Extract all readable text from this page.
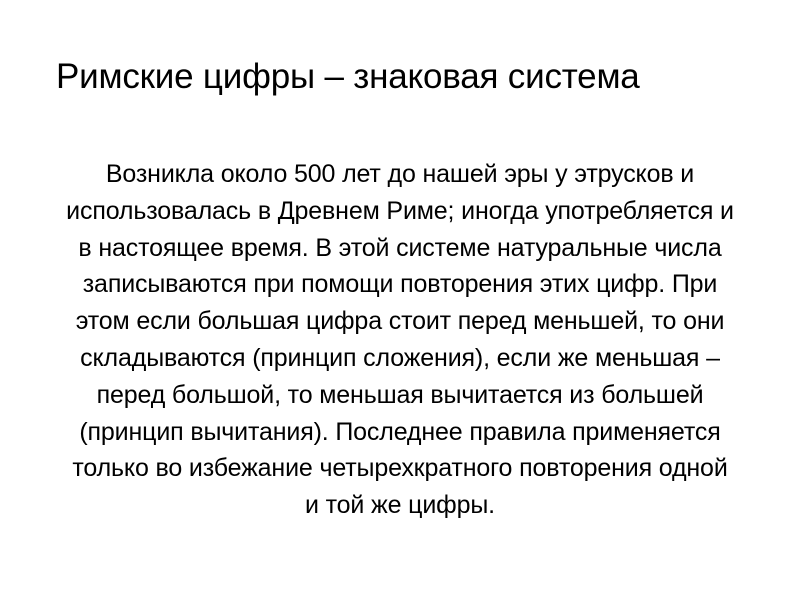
Римские цифры – знаковая система
Возникла около 500 лет до нашей эры у этрусков и
использовалась в Древнем Риме; иногда употребляется и
в настоящее время. В этой системе натуральные числа
записываются при помощи повторения этих цифр. При
этом если большая цифра стоит перед меньшей, то они
складываются (принцип сложения), если же меньшая –
перед большой, то меньшая вычитается из большей
(принцип вычитания). Последнее правила применяется
только во избежание четырехкратного повторения одной
и той же цифры.
